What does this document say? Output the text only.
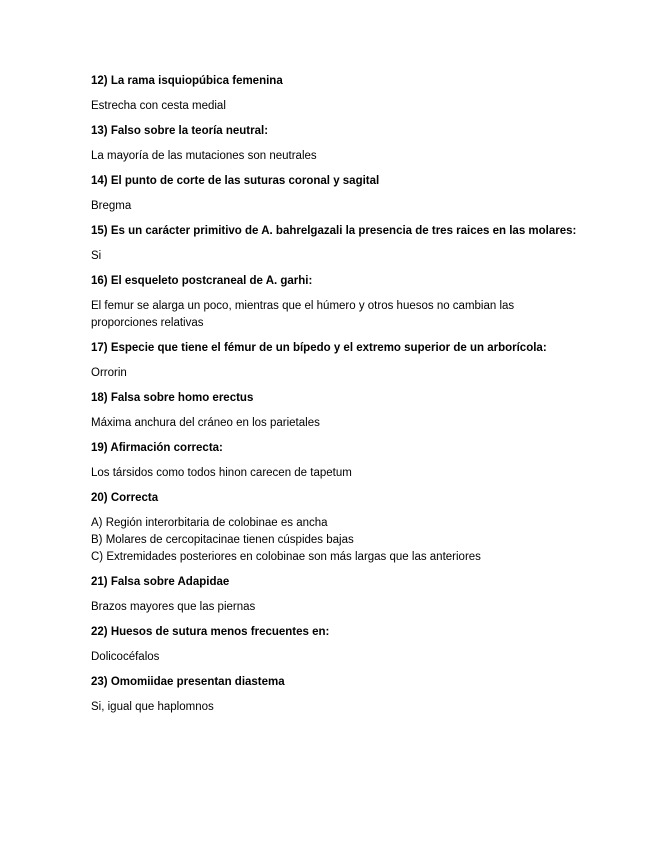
12) La rama isquiopúbica femenina
Estrecha con cesta medial
13) Falso sobre la teoría neutral:
La mayoría de las mutaciones son neutrales
14) El punto de corte de las suturas coronal y sagital
Bregma
15) Es un carácter primitivo de A. bahrelgazali la presencia de tres raices en las molares:
Si
16) El esqueleto postcraneal de A. garhi:
El femur se alarga un poco, mientras que el húmero y otros huesos no cambian las proporciones relativas
17) Especie que tiene el fémur de un bípedo y el extremo superior de un arborícola:
Orrorin
18) Falsa sobre homo erectus
Máxima anchura del cráneo en los parietales
19) Afirmación correcta:
Los társidos como todos hinon carecen de tapetum
20) Correcta
A) Región interorbitaria de colobinae es ancha
B) Molares de cercopitacinae tienen cúspides bajas
C) Extremidades posteriores en colobinae son más largas que las anteriores
21) Falsa sobre Adapidae
Brazos mayores que las piernas
22) Huesos de sutura menos frecuentes en:
Dolicocéfalos
23) Omomiidae presentan diastema
Si, igual que haplomnos
